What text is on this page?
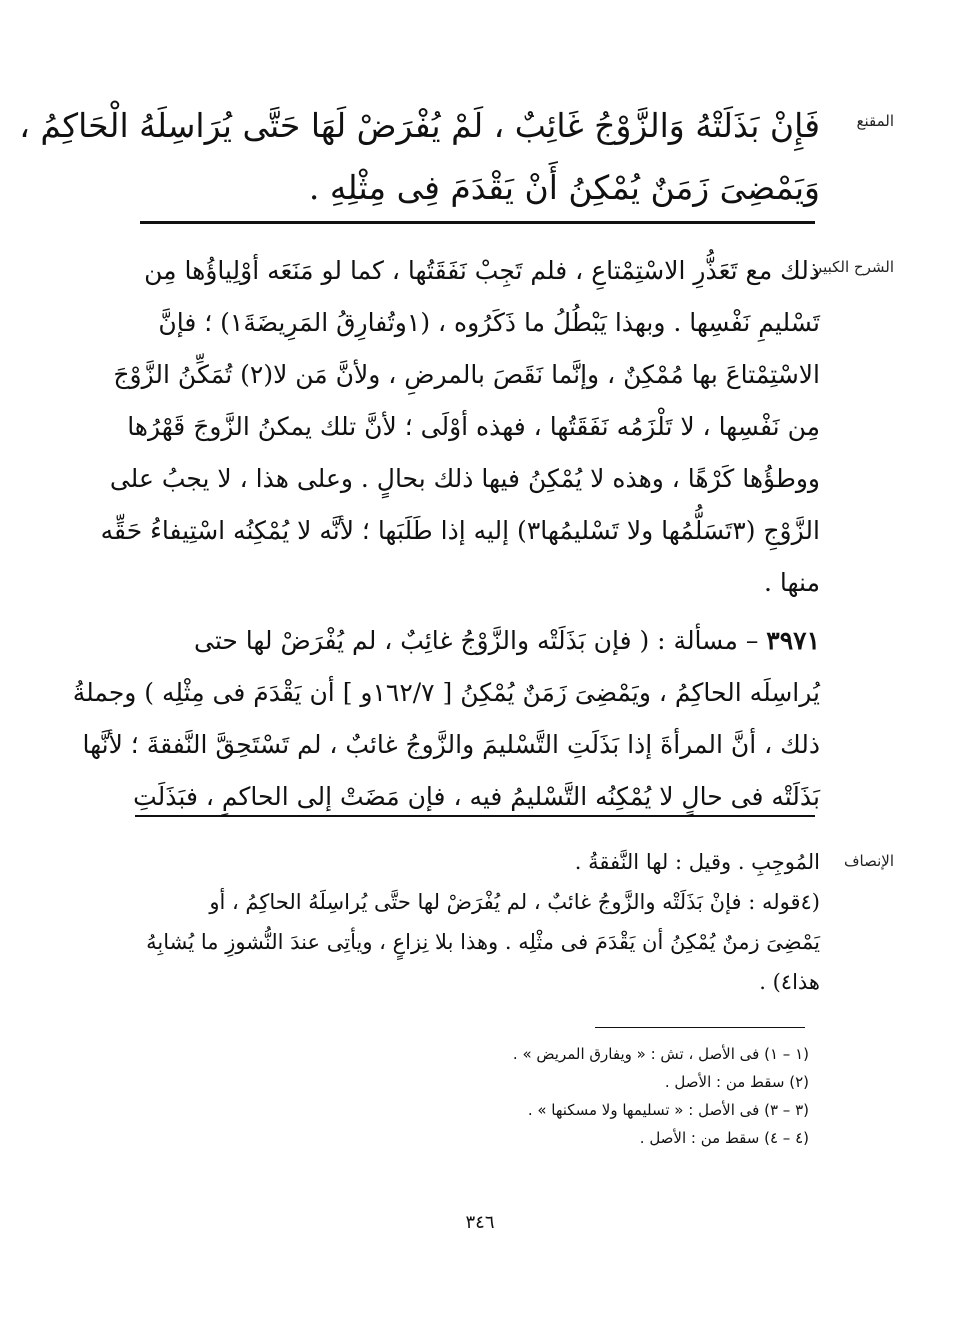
المقنع
فَإِنْ بَذَلَتْهُ وَالزَّوْجُ غَائِبٌ ، لَمْ يُفْرَضْ لَهَا حَتَّى يُرَاسِلَهُ الْحَاكِمُ ،
وَيَمْضِىَ زَمَنٌ يُمْكِنُ أَنْ يَقْدَمَ فِى مِثْلِهِ .
الشرح الكبير
ذلك مع تَعَذُّرِ الاسْتِمْتاعِ ، فلم تَجِبْ نَفَقَتُها ، كما لو مَنَعَه أوْلِياؤُها مِن
تَسْليمِ نَفْسِها . وبهذا يَبْطُلُ ما ذَكَرُوه ، (١وتُفارِقُ المَرِيضَةَ١) ؛ فإنَّ
الاسْتِمْتاعَ بها مُمْكِنٌ ، وإنَّما نَقَصَ بالمرضِ ، ولأنَّ مَن لا(٢) تُمَكِّنُ الزَّوْجَ
مِن نَفْسِها ، لا تَلْزَمُه نَفَقَتُها ، فهذه أوْلَى ؛ لأنَّ تلك يمكنُ الزَّوجَ قَهْرُها
ووطؤُها كَرْهًا ، وهذه لا يُمْكِنُ فيها ذلك بحالٍ . وعلى هذا ، لا يجبُ على
الزَّوْجِ (٣تَسَلُّمُها ولا تَسْليمُها٣) إليه إذا طَلَبَها ؛ لأنَّه لا يُمْكِنُه اسْتِيفاءُ حَقِّه
منها .
٣٩٧١ – مسألة : ( فإن بَذَلَتْه والزَّوْجُ غائِبٌ ، لم يُفْرَضْ لها حتى
يُراسِلَه الحاكِمُ ، ويَمْضِىَ زَمَنٌ يُمْكِنُ [ ١٦٢/٧و ] أن يَقْدَمَ فى مِثْلِه ) وجملةُ
ذلك ، أنَّ المرأةَ إذا بَذَلَتِ التَّسْليمَ والزَّوجُ غائبٌ ، لم تَسْتَحِقَّ النَّفقةَ ؛ لأنَّها
بَذَلَتْه فى حالٍ لا يُمْكِنُه التَّسْليمُ فيه ، فإن مَضَتْ إلى الحاكمِ ، فبَذَلَتِ
الإنصاف
المُوجِبِ . وقيل : لها النَّفقةُ .
(٤قوله : فإنْ بَذَلَتْه والزَّوجُ غائبٌ ، لم يُفْرَضْ لها حتَّى يُراسِلَهُ الحاكِمُ ، أو
يَمْضِىَ زمنٌ يُمْكِنُ أن يَقْدَمَ فى مثْلِه . وهذا بلا نِزاعٍ ، ويأتِى عندَ النُّشوزِ ما يُشابِهُ
هذا٤) .
(١ – ١) فى الأصل ، تش : « ويفارق المريض » .
(٢) سقط من : الأصل .
(٣ – ٣) فى الأصل : « تسليمها ولا مسكنها » .
(٤ – ٤) سقط من : الأصل .
٣٤٦
